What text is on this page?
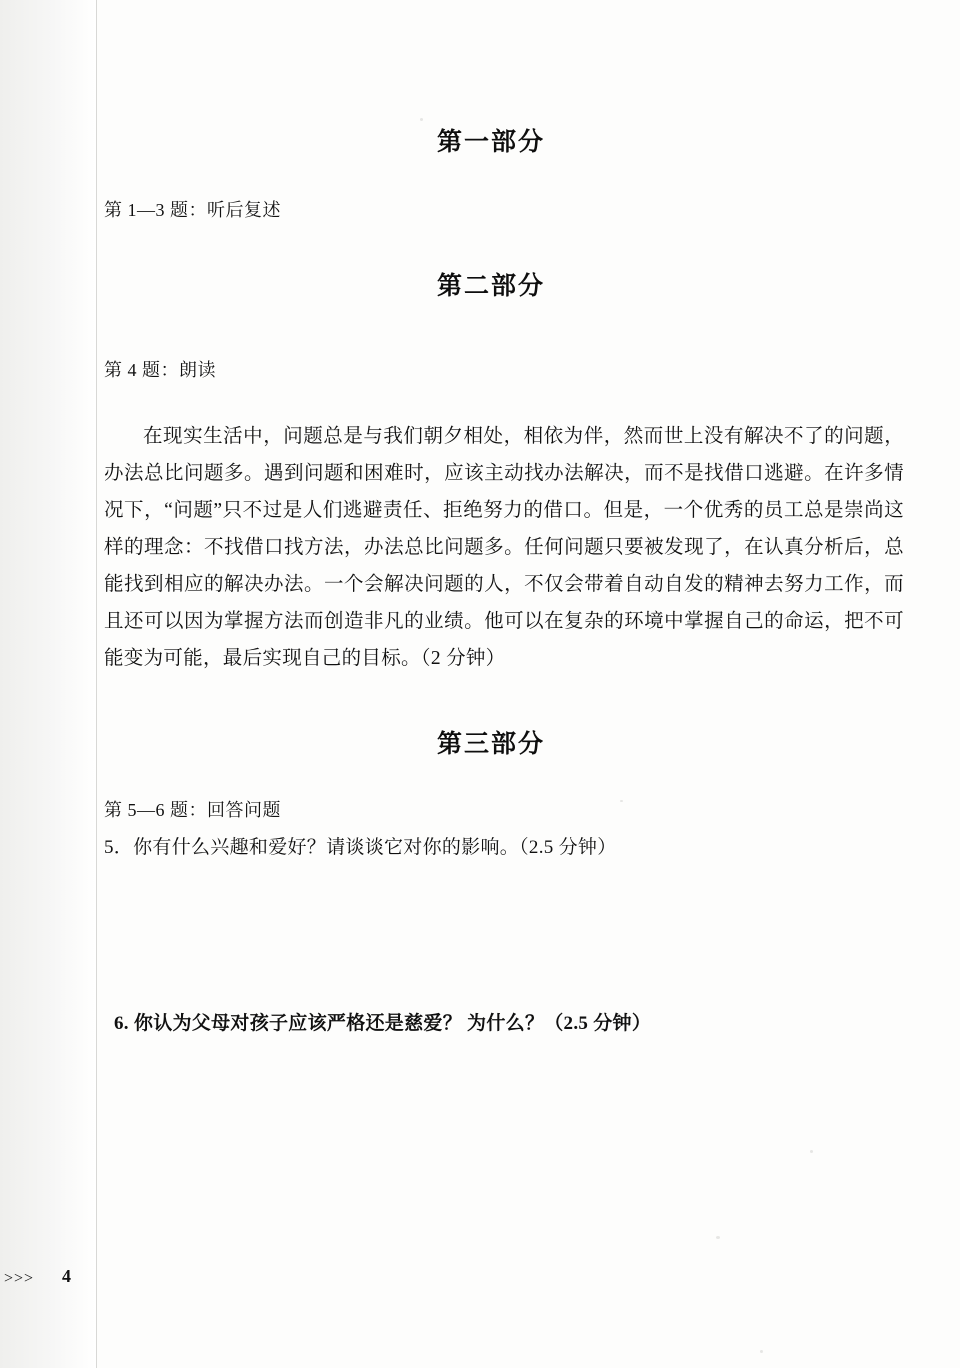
第一部分
第 1—3 题：听后复述
第二部分
第 4 题：朗读
在现实生活中，问题总是与我们朝夕相处，相依为伴，然而世上没有解决不了的问题，办法总比问题多。遇到问题和困难时，应该主动找办法解决，而不是找借口逃避。在许多情况下，“问题”只不过是人们逃避责任、拒绝努力的借口。但是，一个优秀的员工总是崇尚这样的理念：不找借口找方法，办法总比问题多。任何问题只要被发现了，在认真分析后，总能找到相应的解决办法。一个会解决问题的人，不仅会带着自动自发的精神去努力工作，而且还可以因为掌握方法而创造非凡的业绩。他可以在复杂的环境中掌握自己的命运，把不可能变为可能，最后实现自己的目标。（2 分钟）
第三部分
第 5—6 题：回答问题
5．你有什么兴趣和爱好？请谈谈它对你的影响。（2.5 分钟）
6. 你认为父母对孩子应该严格还是慈爱？ 为什么？（2.5 分钟）
>>> 4
